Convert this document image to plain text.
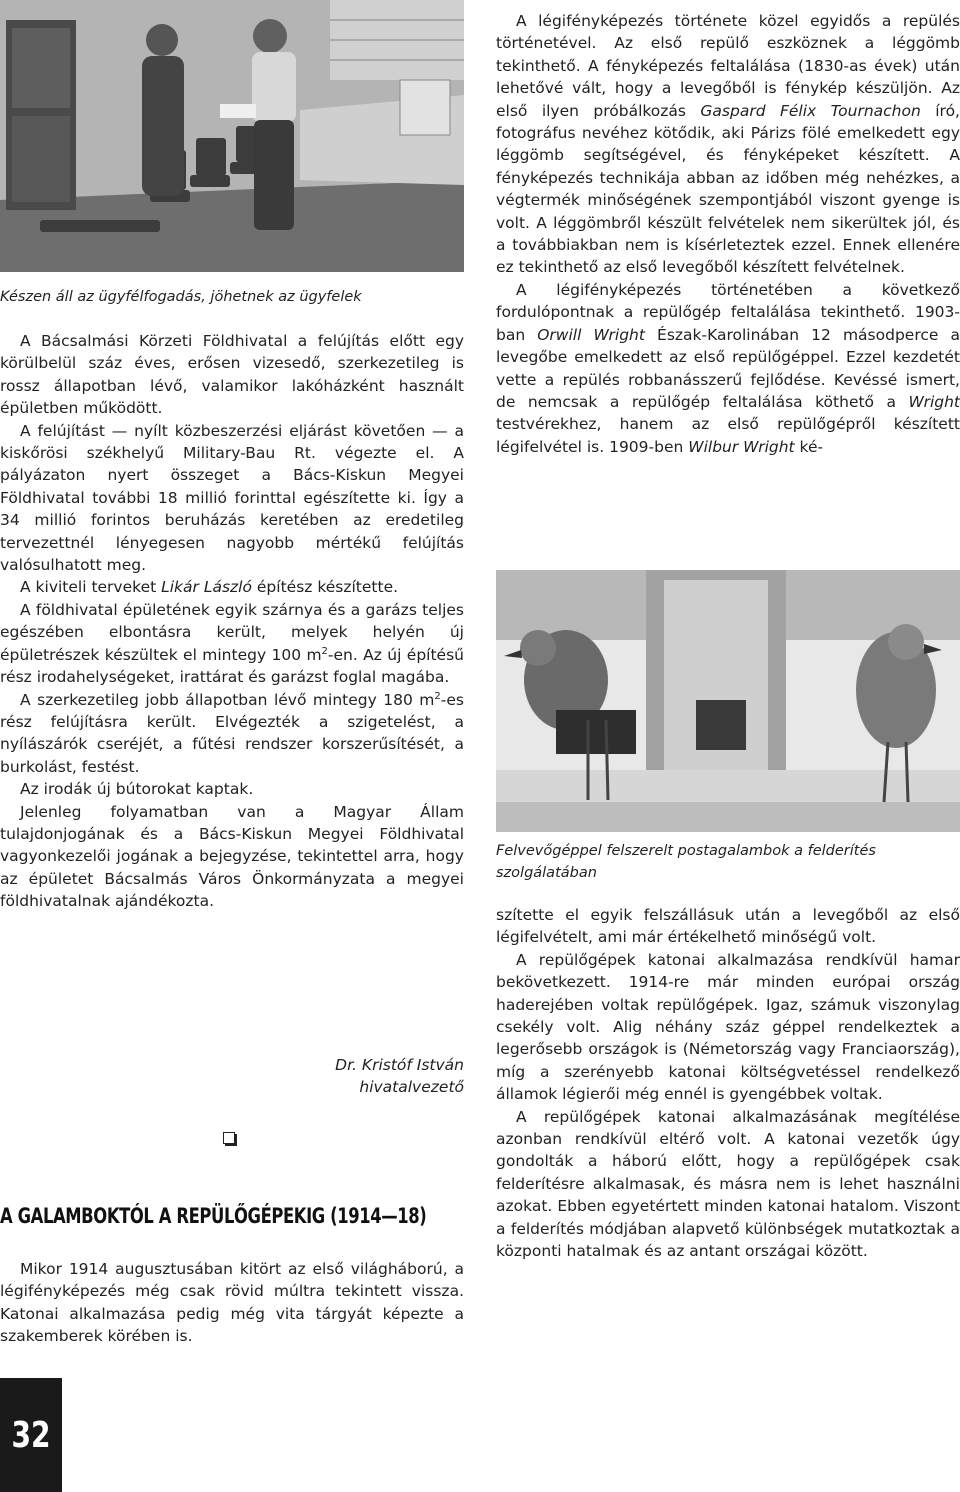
Készen áll az ügyfélfogadás, jöhetnek az ügyfelek

A Bácsalmási Körzeti Földhivatal a felújítás előtt egy körülbelül száz éves, erősen vizesedő, szerkezetileg is rossz állapotban lévő, valamikor lakóházként használt épületben működött.

A felújítást — nyílt közbeszerzési eljárást követően — a kiskőrösi székhelyű Military-Bau Rt. végezte el. A pályázaton nyert összeget a Bács-Kiskun Megyei Földhivatal további 18 millió forinttal egészítette ki. Így a 34 millió forintos beruházás keretében az eredetileg tervezettnél lényegesen nagyobb mértékű felújítás valósulhatott meg.

A kiviteli terveket Likár László építész készítette.

A földhivatal épületének egyik szárnya és a garázs teljes egészében elbontásra került, melyek helyén új épületrészek készültek el mintegy 100 $m^2-en$. Az új építésű rész irodahelységeket, irattárat és garázst foglal magába.

A szerkezetileg jobb állapotban lévő mintegy 180 $m^2-es$ rész felújításra került. Elvégezték a szigetelést, a nyílászárók cseréjét, a fűtési rendszer korszerűsítését, a burkolást, festést.

Az irodák új bútorokat kaptak.

Jelenleg folyamatban van a Magyar Állam tulajdonjogának és a Bács-Kiskun Megyei Földhivatal vagyonkezelői jogának a bejegyzése, tekintettel arra, hogy az épületet Bácsalmás Város Önkormányzata a megyei földhivatalnak ajándékozta.

Dr. Kristóf István
hivatalvezető
A GALAMBOKTÓL A REPÜLŐGÉPEKIG (1914—18)

Mikor 1914 augusztusában kitört az első világháború, a légifényképezés még csak rövid múltra tekintett vissza. Katonai alkalmazása pedig még vita tárgyát képezte a szakemberek körében is.

32

A légifényképezés története közel egyidős a repülés történetével. Az első repülő eszköznek a léggömb tekinthető. A fényképezés feltalálása (1830-as évek) után lehetővé vált, hogy a levegőből is fénykép készüljön. Az első ilyen próbálkozás Gaspard Félix Tournachon író, fotográfus nevéhez kötődik, aki Párizs fölé emelkedett egy léggömb segítségével, és fényképeket készített. A fényképezés technikája abban az időben még nehézkes, a végtermék minőségének szempontjából viszont gyenge is volt. A léggömbről készült felvételek nem sikerültek jól, és a továbbiakban nem is kísérleteztek ezzel. Ennek ellenére ez tekinthető az első levegőből készített felvételnek.

A légifényképezés történetében a következő fordulópontnak a repülőgép feltalálása tekinthető. 1903-ban Orwill Wright Észak-Karolinában 12 másodperce a levegőbe emelkedett az első repülőgéppel. Ezzel kezdetét vette a repülés robbanásszerű fejlődése. Kevéssé ismert, de nemcsak a repülőgép feltalálása köthető a Wright testvérekhez, hanem az első repülőgépről készített légifelvétel is. 1909-ben Wilbur Wright ké-

Felvevőgéppel felszerelt postagalambok a felderítés szolgálatában

szítette el egyik felszállásuk után a levegőből az első légifelvételt, ami már értékelhető minőségű volt.

A repülőgépek katonai alkalmazása rendkívül hamar bekövetkezett. 1914-re már minden európai ország haderejében voltak repülőgépek. Igaz, számuk viszonylag csekély volt. Alig néhány száz géppel rendelkeztek a legerősebb országok is (Németország vagy Franciaország), míg a szerényebb katonai költségvetéssel rendelkező államok légierői még ennél is gyengébbek voltak.

A repülőgépek katonai alkalmazásának megítélése azonban rendkívül eltérő volt. A katonai vezetők úgy gondolták a háború előtt, hogy a repülőgépek csak felderítésre alkalmasak, és másra nem is lehet használni azokat. Ebben egyetértett minden katonai hatalom. Viszont a felderítés módjában alapvető különbségek mutatkoztak a központi hatalmak és az antant országai között.
